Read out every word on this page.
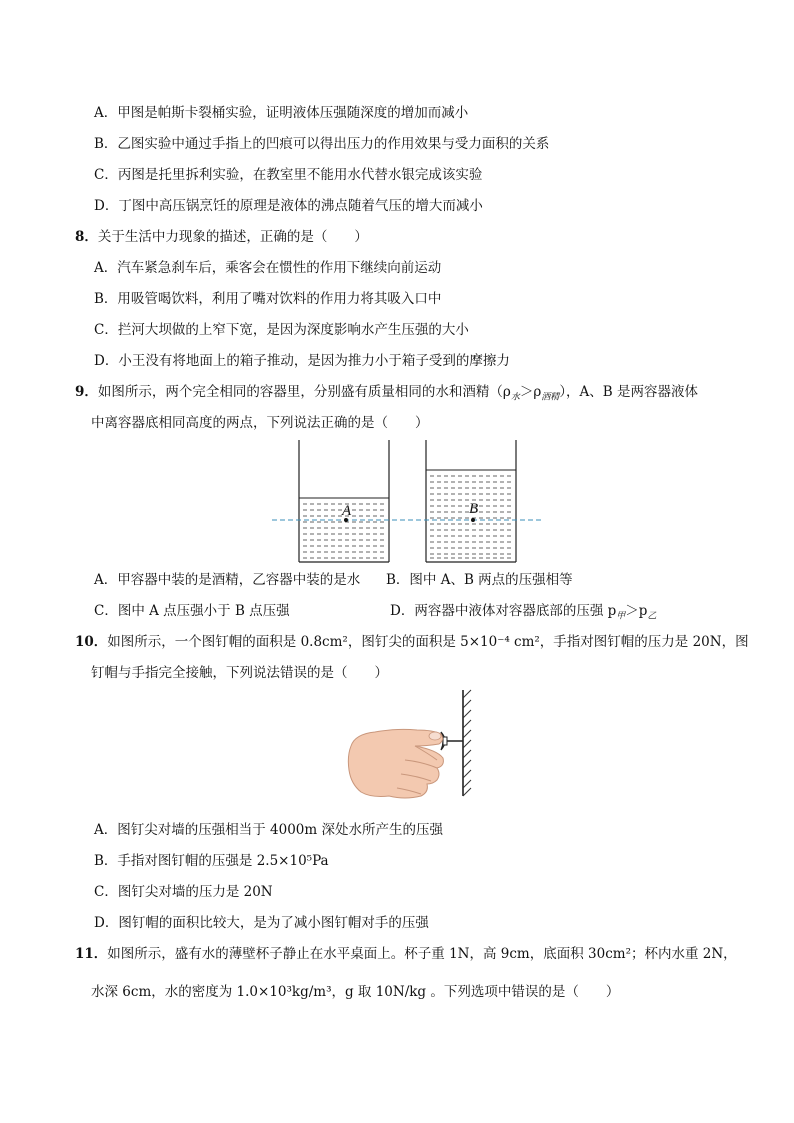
A．甲图是帕斯卡裂桶实验，证明液体压强随深度的增加而减小
B．乙图实验中通过手指上的凹痕可以得出压力的作用效果与受力面积的关系
C．丙图是托里拆利实验，在教室里不能用水代替水银完成该实验
D．丁图中高压锅烹饪的原理是液体的沸点随着气压的增大而减小
8．关于生活中力现象的描述，正确的是（　　）
A．汽车紧急刹车后，乘客会在惯性的作用下继续向前运动
B．用吸管喝饮料，利用了嘴对饮料的作用力将其吸入口中
C．拦河大坝做的上窄下宽，是因为深度影响水产生压强的大小
D．小王没有将地面上的箱子推动，是因为推力小于箱子受到的摩擦力
9．如图所示，两个完全相同的容器里，分别盛有质量相同的水和酒精$(\rho_水>\rho_{酒精})$，A、B 是两容器液体
中离容器底相同高度的两点，下列说法正确的是（　　）
A	B
A．甲容器中装的是酒精，乙容器中装的是水 B．图中 A、B 两点的压强相等
C．图中 A 点压强小于 B 点压强	D．两容器中液体对容器底部的压强 $p_甲>p_乙$
10．如图所示，一个图钉帽的面积是 0.8cm²，图钉尖的面积是 5×10⁻⁴ cm²，手指对图钉帽的压力是 20N，图
钉帽与手指完全接触，下列说法错误的是（　　）
A．图钉尖对墙的压强相当于 4000m 深处水所产生的压强
B．手指对图钉帽的压强是 2.5×10⁵Pa
C．图钉尖对墙的压力是 20N
D．图钉帽的面积比较大，是为了减小图钉帽对手的压强
11．如图所示，盛有水的薄壁杯子静止在水平桌面上。杯子重 1N，高 9cm，底面积 30cm²；杯内水重 2N，
水深 6cm，水的密度为 1.0×10³kg/m³，g 取 10N/kg 。下列选项中错误的是（　　）
